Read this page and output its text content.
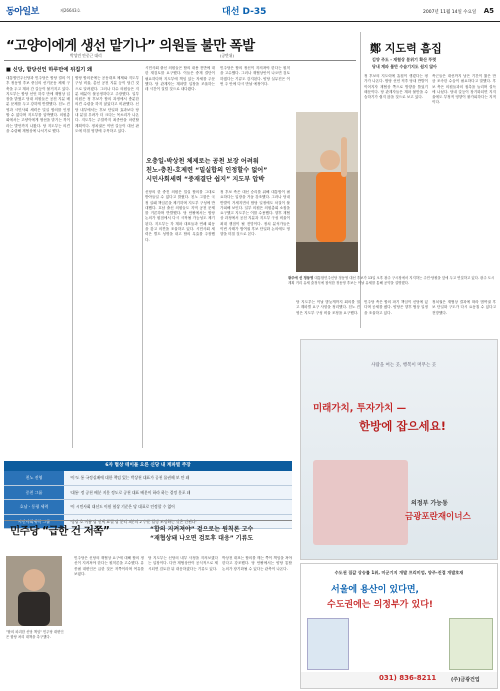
동아일보	제26643호	대선 D-35	2007년 11월 14일 수요일 A5
“고양이에게 생선 맡기나” 의원들 불만 폭발
박성민 안중근 대리	(공반위)
■ 신당, 합당선언 하루만에 뒤집기 왜
대통합민주신당과 민주당은 합당 결의 이후 정동영 후보 중심의 선거운동 체제 구축을 두고 계파 간 갈등이 불거지고 있다. 지도부는 합당 선언 하루 만에 재협상 입장을 밝혔고 당내 의원들은 공천 지분 배분 문제를 두고 강하게 반발했다. 친노 진영과 시민사회 세력은 밀실 합의를 인정할 수 없다며 지도부를 압박했다. 의원총회에서는 고양이에게 생선을 맡기는 격이라는 발언까지 나왔다. 당 지도부는 의견을 수렴해 재협상에 나서기로 했다.
합당 합의문에는 공동대표 체제와 지도부 구성 비율, 총선 공천 지분 등이 담긴 것으로 알려졌다. 그러나 다수 의원들은 지분 배분이 불공정하다고 주장했다. 일부 의원은 정 후보가 합의 과정에서 충분한 의견 수렴을 하지 않았다고 비판했다. 신당 내부에서는 후보 단일화 효과보다 당내 분열 우려가 더 크다는 목소리가 나온다. 지도부는 주말까지 최종안을 마련할 계획이다. 정치권은 이번 갈등이 대선 판도에 미칠 영향에 주목하고 있다.
시민사회 출신 의원들은 합의 내용 전반에 대한 재검토를 요구했다. 이들은 중재 결단이 필요하다며 지도부에 책임 있는 자세를 주문했다. 당 관계자는 계파별 입장을 조율하는 데 시간이 걸릴 것으로 내다봤다.
민주당은 합의 정신이 지켜져야 한다는 원칙을 고수했다. 그러나 재협상안이 나오면 검토하겠다는 기류도 감지된다. 양당 실무진은 이번 주 안에 다시 만날 예정이다.
오충일-박상천 체제로는 공천 보장 어려워
친노-충친-호제련 “밀실합의 인정할수 없어”
시민사회세력 “중재결단 쉽지” 지도부 압박
신당의 한 중진 의원은 밀실 합의를 그대로 받아들일 수 없다고 밝혔다. 친노 그룹은 국정 실패 책임론을 제기하며 지도부 구성에 반대했다. 호남 출신 의원들도 지역 공천 문제를 거론하며 반발했다. 당 안팎에서는 합당 논의가 원점에서 다시 시작될 가능성도 제기된다. 지도부는 각 계파 대표들과 연쇄 회동을 갖고 의견을 조율하고 있다. 시민사회 세력은 별도 성명을 내고 합의 무효를 주장했다.
정 후보 측은 대선 승리를 위해 대통합이 필요하다는 입장을 거듭 강조했다. 그러나 당내 반발이 거세지면서 합당 일정에도 차질이 불가피해 보인다. 일부 의원은 의원총회 소집을 요구했고 지도부는 이를 수용했다. 향후 재협상 과정에서 공천 지분과 지도부 구성 비율이 최대 쟁점이 될 전망이다. 정치 분석가들은 이번 사태가 범여권 후보 단일화 논의에도 영향을 미칠 것으로 본다.
鄭 지도력 흠집
김양 주도 - 재협상 분위기 확산 뚜렷
당내 계파 불만 수습기지도 쉽지 않아
정 후보의 지도력에 흠집이 생겼다는 평가가 나온다. 합당 선언 직후 당내 반발이 이어지자 재협상 쪽으로 방향을 틀었기 때문이다. 당 관계자들은 계파 불만을 수습하기가 쉽지 않을 것으로 보고 있다.
측근들은 대선까지 남은 기간이 짧은 만큼 조속한 수습이 필요하다고 말했다. 후보 측은 의원들과의 접촉을 늘리며 설득에 나섰다. 당내 갈등이 장기화되면 지지율에도 부정적 영향이 불가피하다는 지적이다.
광주에 선 정동영 대통합민주신당 정동영 대선 후보가 13일 오후 광주 구시청에서 지지하는 주민·당원을 앞에 두고 연설하고 있다. 광주 도시계획 거리 유세 출정식에 참석한 정동영 후보는 이날 유세를 통해 공약을 설명했다.
당 지도부는 이날 밤늦게까지 회의를 열고 계파별 요구 사항을 정리했다. 친노 진영은 지도부 구성 비율 조정을 요구했다.
민주당 측은 합의 파기 책임이 신당에 있다며 공세를 폈다. 양당은 향후 협상 일정을 조율하고 있다.
정치권은 재협상 결과에 따라 범여권 후보 단일화 구도가 다시 요동칠 수 있다고 전망했다.
6자 협상 테이블 오른 신당 내 계파별 주장
친노 진영	'이'도 통 국정실패에 대한 책임 있는 박상천 대표가 공천 몰권해 보 안 돼
중친 그룹	'대통' 정 공천 배분 지분 정도로 공천 대표 배분이 하라 하는 결정 분포 돼
호남 - 동평 세력	'이 시민사회 대선도 이원 협상 기준은 당 대표로 인정할 수 없어
시민사회세력 그룹	'정당 호 이름 당 선택 표결 당 분리 3분의 2 수준 결정 조정하는 것은 안된다'
민주당 “급한 건 저쪽”	“합의 지켜져야” 겉으로는 원칙론 고수
“재협상돼 나오면 검토후 대응” 기류도
"합의 파괴한 신당 책임" 민주당 대변인은 합당 처리 대책을 촉구했다.
민주당은 신당의 재협상 요구에 대해 합의 정신이 지켜져야 한다는 원칙론을 고수했다. 유종필 대변인은 급한 것은 저쪽이라며 여유를 보였다.
당 지도부는 신당의 내부 사정을 지켜보겠다는 입장이다. 다만 재협상안이 공식적으로 제시되면 검토한 뒤 대응하겠다는 기류도 있다.
박상천 대표는 합의를 깨는 쪽이 책임을 져야 한다고 강조했다. 당 안팎에서는 양당 통합 논의가 장기화될 수 있다는 관측이 나온다.
사람을 여는 곳, 행복이 머무는 곳
미래가치, 투자가치 —
한방에 잡으세요!
의정부 가능동
금광포란재이너스
수도권 집값 상승률 1위, 미군기지 개발 프리미엄, 양주-진접 개발호재
서울에 용산이 있다면,
수도권에는 의정부가 있다!
031) 836-8211	(주)금광건업
